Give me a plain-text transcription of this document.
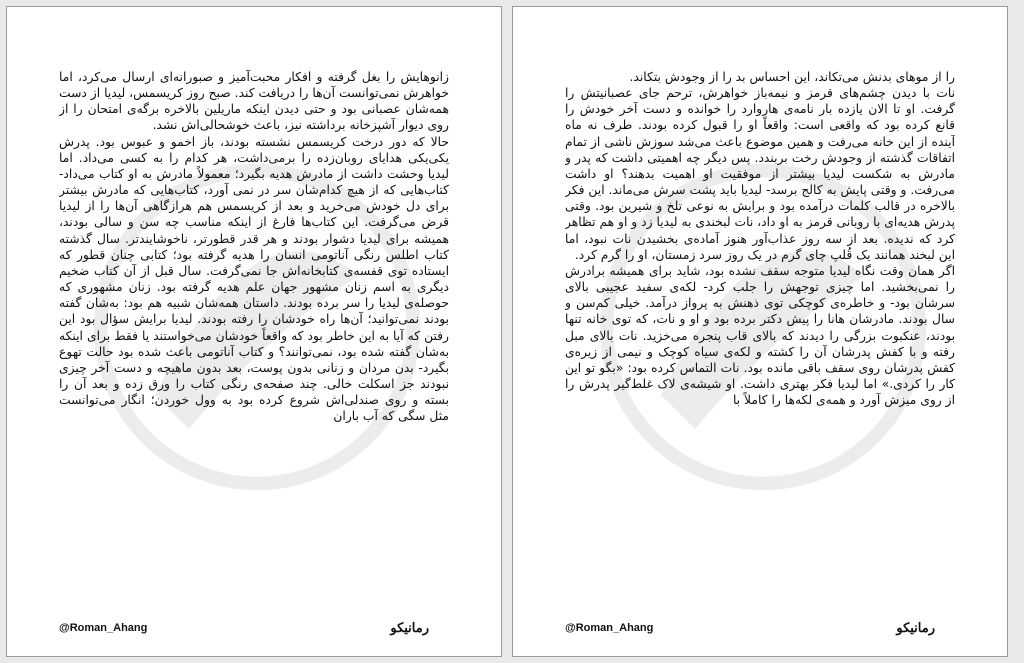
زانوهایش را بغل گرفته و افکار محبت‌آمیز و صبورانه‌ای ارسال می‌کرد، اما خواهرش نمی‌توانست آن‌ها را دریافت کند. صبح روز کریسمس، لیدیا از دست همه‌شان عصبانی بود و حتی دیدن اینکه ماریلین بالاخره برگه‌ی امتحان را از روی دیوار آشپزخانه برداشته نیز، باعث خوشحالی‌اش نشد.

حالا که دور درخت کریسمس نشسته بودند، باز اخمو و عبوس بود. پدرش یکی‌یکی هدایای روبان‌زده را برمی‌داشت، هر کدام را به کسی می‌داد. اما لیدیا وحشت داشت از مادرش هدیه بگیرد؛ معمولاً مادرش به او کتاب می‌داد- کتاب‌هایی که از هیچ کدام‌شان سر در نمی آورد، کتاب‌هایی که مادرش بیشتر برای دل خودش می‌خرید و بعد از کریسمس هم هرازگاهی آن‌ها را از لیدیا قرض می‌گرفت. این کتاب‌ها فارغ از اینکه مناسب چه سن و سالی بودند، همیشه برای لیدیا دشوار بودند و هر قدر قطورتر، ناخوشایندتر. سال گذشته کتاب اطلس رنگی آناتومی انسان را هدیه گرفته بود؛ کتابی چنان قطور که ایستاده توی قفسه‌ی کتابخانه‌اش جا نمی‌گرفت. سال قبل از آن کتاب ضخیم دیگری به اسم زنان مشهور جهان علم هدیه گرفته بود. زنان مشهوری که حوصله‌ی لیدیا را سر برده بودند. داستان همه‌شان شبیه هم بود: به‌شان گفته بودند نمی‌توانید؛ آن‌ها راه خودشان را رفته بودند. لیدیا برایش سؤال بود این رفتن که آیا به این خاطر بود که واقعاً خودشان می‌خواستند یا فقط برای اینکه به‌شان گفته شده بود، نمی‌توانند؟ و کتاب آناتومی باعث شده بود حالت تهوع بگیرد- بدن مردان و زنانی بدون پوست، بعد بدون ماهیچه و دست آخر چیزی نبودند جز اسکلت خالی. چند صفحه‌ی رنگی کتاب را ورق زده و بعد آن را بسته و روی صندلی‌اش شروع کرده بود به وول خوردن؛ انگار می‌توانست مثل سگی که آب باران

@Roman_Ahang	رمانیکو

را از موهای بدنش می‌تکاند، این احساس بد را از وجودش بتکاند.

نات با دیدن چشم‌های قرمز و نیمه‌باز خواهرش، ترحم جای عصبانیتش را گرفت. او تا الان یازده بار نامه‌ی هاروارد را خوانده و دست آخر خودش را قانع کرده بود که واقعی است: واقعاً او را قبول کرده بودند. طرف نه ماه آینده از این خانه می‌رفت و همین موضوع باعث می‌شد سوزش ناشی از تمام اتفاقات گذشته از وجودش رخت بربندد. پس دیگر چه اهمیتی داشت که پدر و مادرش به شکست لیدیا بیشتر از موفقیت او اهمیت بدهند؟ او داشت می‌رفت. و وقتی پایش به کالج برسد- لیدیا باید پشت سرش می‌ماند. این فکر بالاخره در قالب کلمات درآمده بود و برایش به نوعی تلخ و شیرین بود. وقتی پدرش هدیه‌ای با روبانی قرمز به او داد، نات لبخندی به لیدیا زد و او هم تظاهر کرد که ندیده. بعد از سه روز عذاب‌آور هنوز آماده‌ی بخشیدن نات نبود، اما این لبخند همانند یک قُلپ چای گرم در یک روز سرد زمستان، او را گرم کرد.

اگر همان وقت نگاه لیدیا متوجه سقف نشده بود، شاید برای همیشه برادرش را نمی‌بخشید. اما چیزی توجهش را جلب کرد- لکه‌ی سفید عجیبی بالای سرشان بود- و خاطره‌ی کوچکی توی ذهنش به پرواز درآمد. خیلی کم‌سن و سال بودند. مادرشان هانا را پیش دکتر برده بود و او و نات، که توی خانه تنها بودند، عنکبوت بزرگی را دیدند که بالای قاب پنجره می‌خزید. نات بالای مبل رفته و با کفش پدرشان آن را کشته و لکه‌ی سیاه کوچک و نیمی از زیره‌ی کفش پدرشان روی سقف باقی مانده بود. نات التماس کرده بود: «بگو تو این کار را کردی.» اما لیدیا فکر بهتری داشت. او شیشه‌ی لاک غلط‌گیر پدرش را از روی میزش آورد و همه‌ی لکه‌ها را کاملاً با

@Roman_Ahang	رمانیکو
